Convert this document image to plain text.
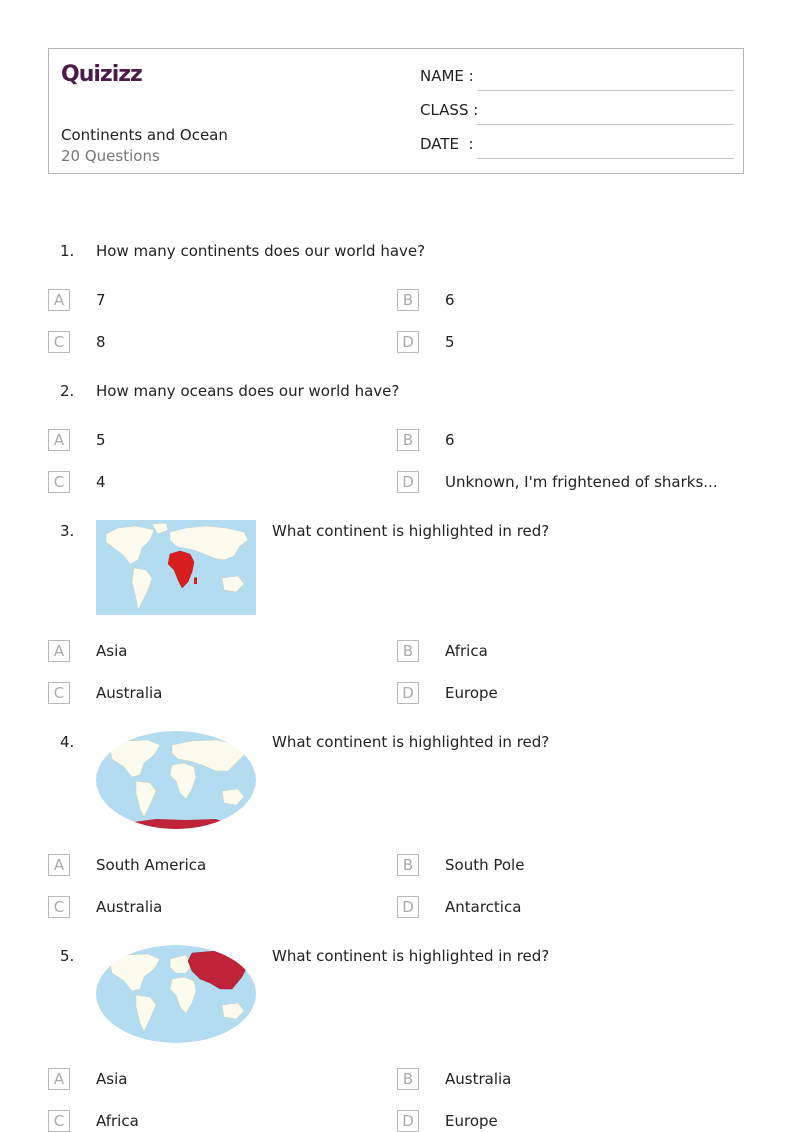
Quizizz
Continents and Ocean
20 Questions
NAME :
CLASS :
DATE  :
1. How many continents does our world have?
A	7	B	6
C	8	D	5
2. How many oceans does our world have?
A	5	B	6
C	4	D	Unknown, I'm frightened of sharks...
3.	What continent is highlighted in red?
A	Asia	B	Africa
C	Australia	D	Europe
4.	What continent is highlighted in red?
A	South America	B	South Pole
C	Australia	D	Antarctica
5.	What continent is highlighted in red?
A	Asia	B	Australia
C	Africa	D	Europe
